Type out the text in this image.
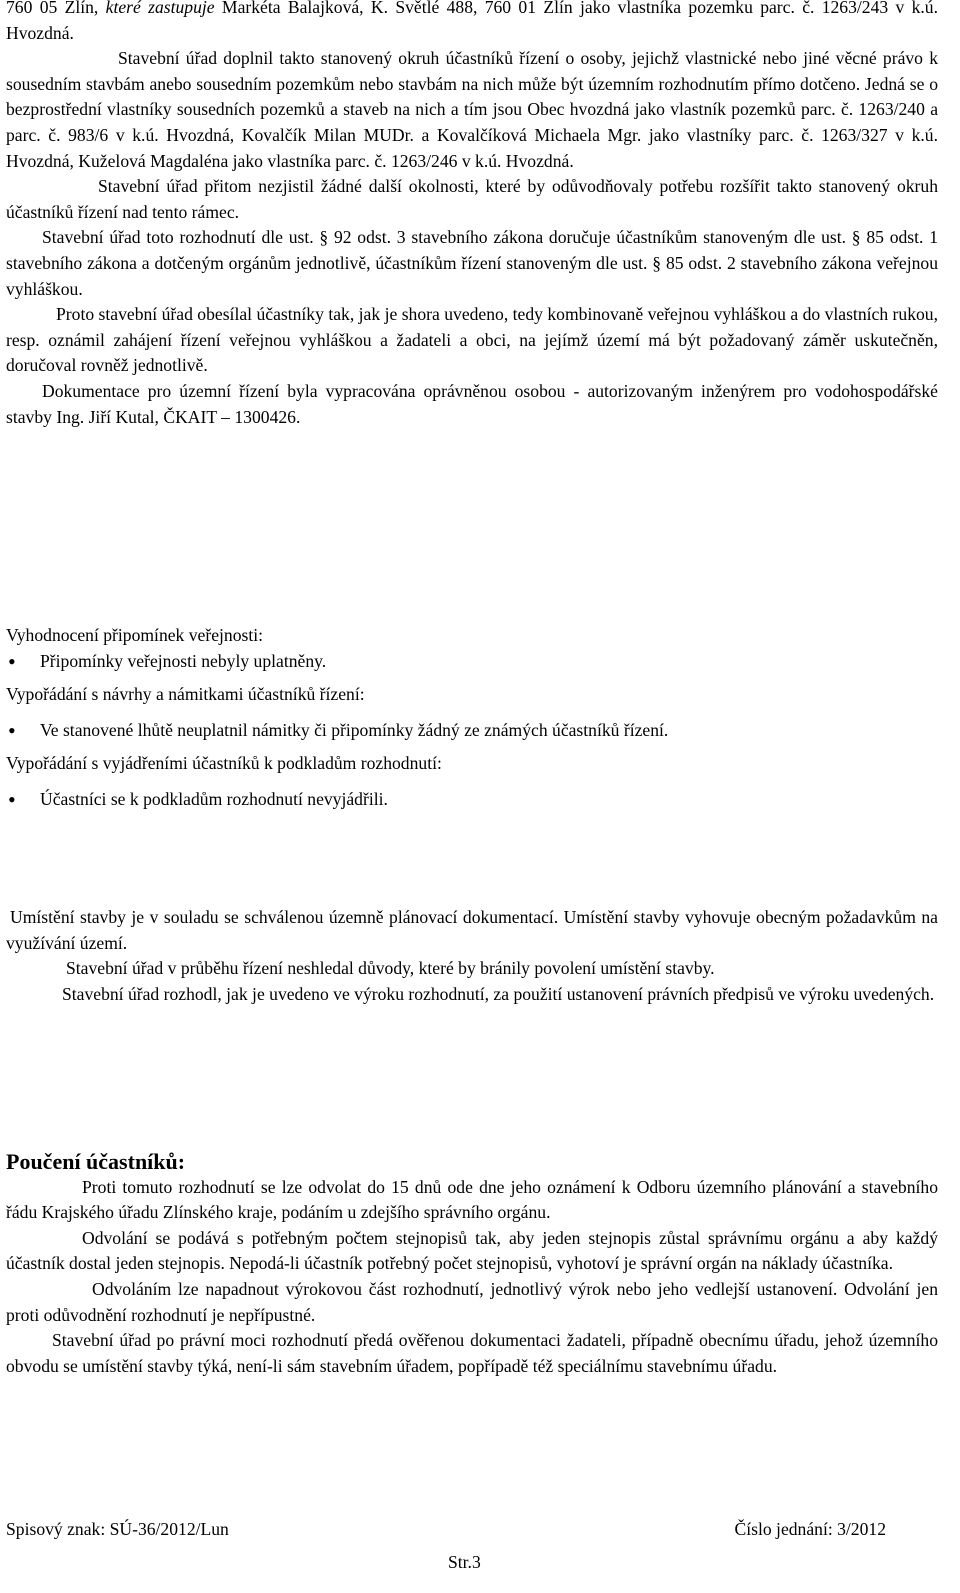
760 05 Zlín, které zastupuje Markéta Balajková, K. Světlé 488, 760 01 Zlín jako vlastníka pozemku parc. č. 1263/243 v k.ú. Hvozdná.

Stavební úřad doplnil takto stanovený okruh účastníků řízení o osoby, jejichž vlastnické nebo jiné věcné právo k sousedním stavbám anebo sousedním pozemkům nebo stavbám na nich může být územním rozhodnutím přímo dotčeno. Jedná se o bezprostřední vlastníky sousedních pozemků a staveb na nich a tím jsou Obec hvozdná jako vlastník pozemků parc. č. 1263/240 a parc. č. 983/6 v k.ú. Hvozdná, Kovalčík Milan MUDr. a Kovalčíková Michaela Mgr. jako vlastníky parc. č. 1263/327 v k.ú. Hvozdná, Kuželová Magdaléna jako vlastníka parc. č. 1263/246 v k.ú. Hvozdná.

Stavební úřad přitom nezjistil žádné další okolnosti, které by odůvodňovaly potřebu rozšířit takto stanovený okruh účastníků řízení nad tento rámec.

Stavební úřad toto rozhodnutí dle ust. § 92 odst. 3 stavebního zákona doručuje účastníkům stanoveným dle ust. § 85 odst. 1 stavebního zákona a dotčeným orgánům jednotlivě, účastníkům řízení stanoveným dle ust. § 85 odst. 2 stavebního zákona veřejnou vyhláškou.

Proto stavební úřad obesílal účastníky tak, jak je shora uvedeno, tedy kombinovaně veřejnou vyhláškou a do vlastních rukou, resp. oznámil zahájení řízení veřejnou vyhláškou a žadateli a obci, na jejímž území má být požadovaný záměr uskutečněn, doručoval rovněž jednotlivě.

Dokumentace pro územní řízení byla vypracována oprávněnou osobou - autorizovaným inženýrem pro vodohospodářské stavby Ing. Jiří Kutal, ČKAIT – 1300426.

Vyhodnocení připomínek veřejnosti:

• Připomínky veřejnosti nebyly uplatněny.

Vypořádání s návrhy a námitkami účastníků řízení:

• Ve stanovené lhůtě neuplatnil námitky či připomínky žádný ze známých účastníků řízení.

Vypořádání s vyjádřeními účastníků k podkladům rozhodnutí:

• Účastníci se k podkladům rozhodnutí nevyjádřili.

Umístění stavby je v souladu se schválenou územně plánovací dokumentací. Umístění stavby vyhovuje obecným požadavkům na využívání území.

Stavební úřad v průběhu řízení neshledal důvody, které by bránily povolení umístění stavby.

Stavební úřad rozhodl, jak je uvedeno ve výroku rozhodnutí, za použití ustanovení právních předpisů ve výroku uvedených.

Poučení účastníků:

Proti tomuto rozhodnutí se lze odvolat do 15 dnů ode dne jeho oznámení k Odboru územního plánování a stavebního řádu Krajského úřadu Zlínského kraje, podáním u zdejšího správního orgánu.

Odvolání se podává s potřebným počtem stejnopisů tak, aby jeden stejnopis zůstal správnímu orgánu a aby každý účastník dostal jeden stejnopis. Nepodá-li účastník potřebný počet stejnopisů, vyhotoví je správní orgán na náklady účastníka.

Odvoláním lze napadnout výrokovou část rozhodnutí, jednotlivý výrok nebo jeho vedlejší ustanovení. Odvolání jen proti odůvodnění rozhodnutí je nepřípustné.

Stavební úřad po právní moci rozhodnutí předá ověřenou dokumentaci žadateli, případně obecnímu úřadu, jehož územního obvodu se umístění stavby týká, není-li sám stavebním úřadem, popřípadě též speciálnímu stavebnímu úřadu.

Spisový znak: SÚ-36/2012/Lun	Číslo jednání: 3/2012
Str.3
